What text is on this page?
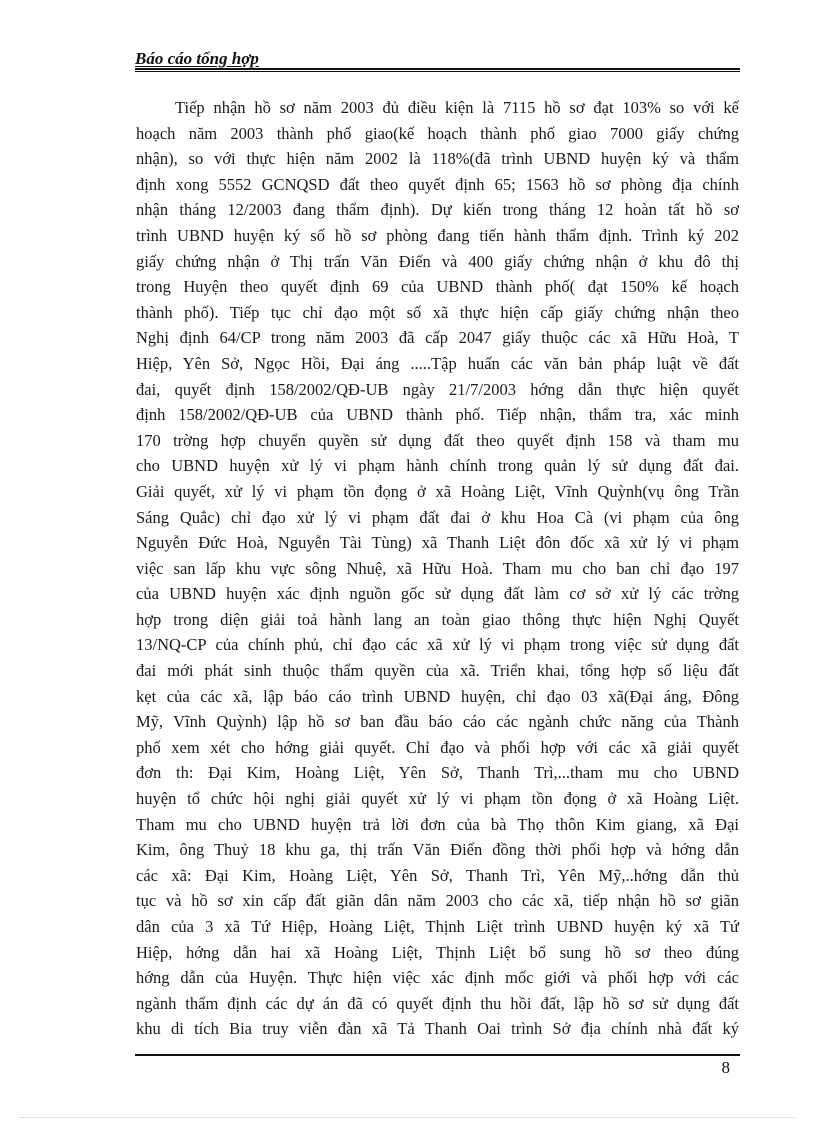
Báo cáo tổng hợp
Tiếp nhận hồ sơ năm 2003 đủ điều kiện là 7115 hồ sơ đạt 103% so với kế
hoạch năm 2003 thành phố giao(kế hoạch thành phố giao 7000 giấy chứng
nhận), so với thực hiện năm 2002 là 118%(đã trình UBND huyện ký và thẩm
định xong 5552 GCNQSD đất theo quyết định 65; 1563 hồ sơ phòng địa chính
nhận tháng 12/2003 đang thẩm định). Dự kiến trong tháng 12 hoàn tất hồ sơ
trình UBND huyện ký số hồ sơ phòng đang tiến hành thẩm định. Trình ký 202
giấy chứng nhận ở Thị trấn Văn Điển và 400 giấy chứng nhận ở khu đô thị
trong Huyện theo quyết định 69 của UBND thành phố( đạt 150% kế hoạch
thành phố). Tiếp tục chỉ đạo một số xã thực hiện cấp giấy chứng nhận theo
Nghị định 64/CP trong năm 2003 đã cấp 2047 giấy thuộc các xã Hữu Hoà, T
Hiệp, Yên Sở, Ngọc Hồi, Đại áng .....Tập huấn các văn bản pháp luật về đất
đai, quyết định 158/2002/QĐ-UB ngày 21/7/2003 hớng dẫn thực hiện quyết
định 158/2002/QĐ-UB của UBND thành phố. Tiếp nhận, thẩm tra, xác minh
170 trờng hợp chuyển quyền sử dụng đất theo quyết định 158 và tham mu
cho UBND huyện xử lý vi phạm hành chính trong quản lý sử dụng đất đai.
Giải quyết, xử lý vi phạm tồn đọng ở xã Hoàng Liệt, Vĩnh Quỳnh(vụ ông Trần
Sáng Quắc) chỉ đạo xử lý vi phạm đất đai ở khu Hoa Cà (vi phạm của ông
Nguyễn Đức Hoà, Nguyễn Tài Tùng) xã Thanh Liệt đôn đốc xã xử lý vi phạm
việc san lấp khu vực sông Nhuệ, xã Hữu Hoà. Tham mu cho ban chỉ đạo 197
của UBND huyện xác định nguồn gốc sử dụng đất làm cơ sở xử lý các trờng
hợp trong diện giải toả hành lang an toàn giao thông thực hiện Nghị Quyết
13/NQ-CP của chính phủ, chỉ đạo các xã xử lý vi phạm trong việc sử dụng đất
đai mới phát sinh thuộc thẩm quyền của xã. Triển khai, tổng hợp số liệu đất
kẹt của các xã, lập báo cáo trình UBND huyện, chỉ đạo 03 xã(Đại áng, Đông
Mỹ, Vĩnh Quỳnh) lập hồ sơ ban đầu báo cáo các ngành chức năng của Thành
phố xem xét cho hớng giải quyết. Chỉ đạo và phối hợp với các xã giải quyết
đơn th: Đại Kim, Hoàng Liệt, Yên Sở, Thanh Trì,...tham mu cho UBND
huyện tổ chức hội nghị giải quyết xử lý vi phạm tồn đọng ở xã Hoàng Liệt.
Tham mu cho UBND huyện trả lời đơn của bà Thọ thôn Kim giang, xã Đại
Kim, ông Thuỷ 18 khu ga, thị trấn Văn Điển đồng thời phối hợp và hớng dẫn
các xã: Đại Kim, Hoàng Liệt, Yên Sở, Thanh Trì, Yên Mỹ,..hớng dẫn thủ
tục và hồ sơ xin cấp đất giãn dân năm 2003 cho các xã, tiếp nhận hồ sơ giãn
dân của 3 xã Tứ Hiệp, Hoàng Liệt, Thịnh Liệt trình UBND huyện ký xã Tứ
Hiệp, hớng dẫn hai xã Hoàng Liệt, Thịnh Liệt bổ sung hồ sơ theo đúng
hớng dẫn của Huyện. Thực hiện việc xác định mốc giới và phối hợp với các
ngành thẩm định các dự án đã có quyết định thu hồi đất, lập hồ sơ sử dụng đất
khu di tích Bia truy viễn đàn xã Tả Thanh Oai trình Sở địa chính nhà đất ký
8
